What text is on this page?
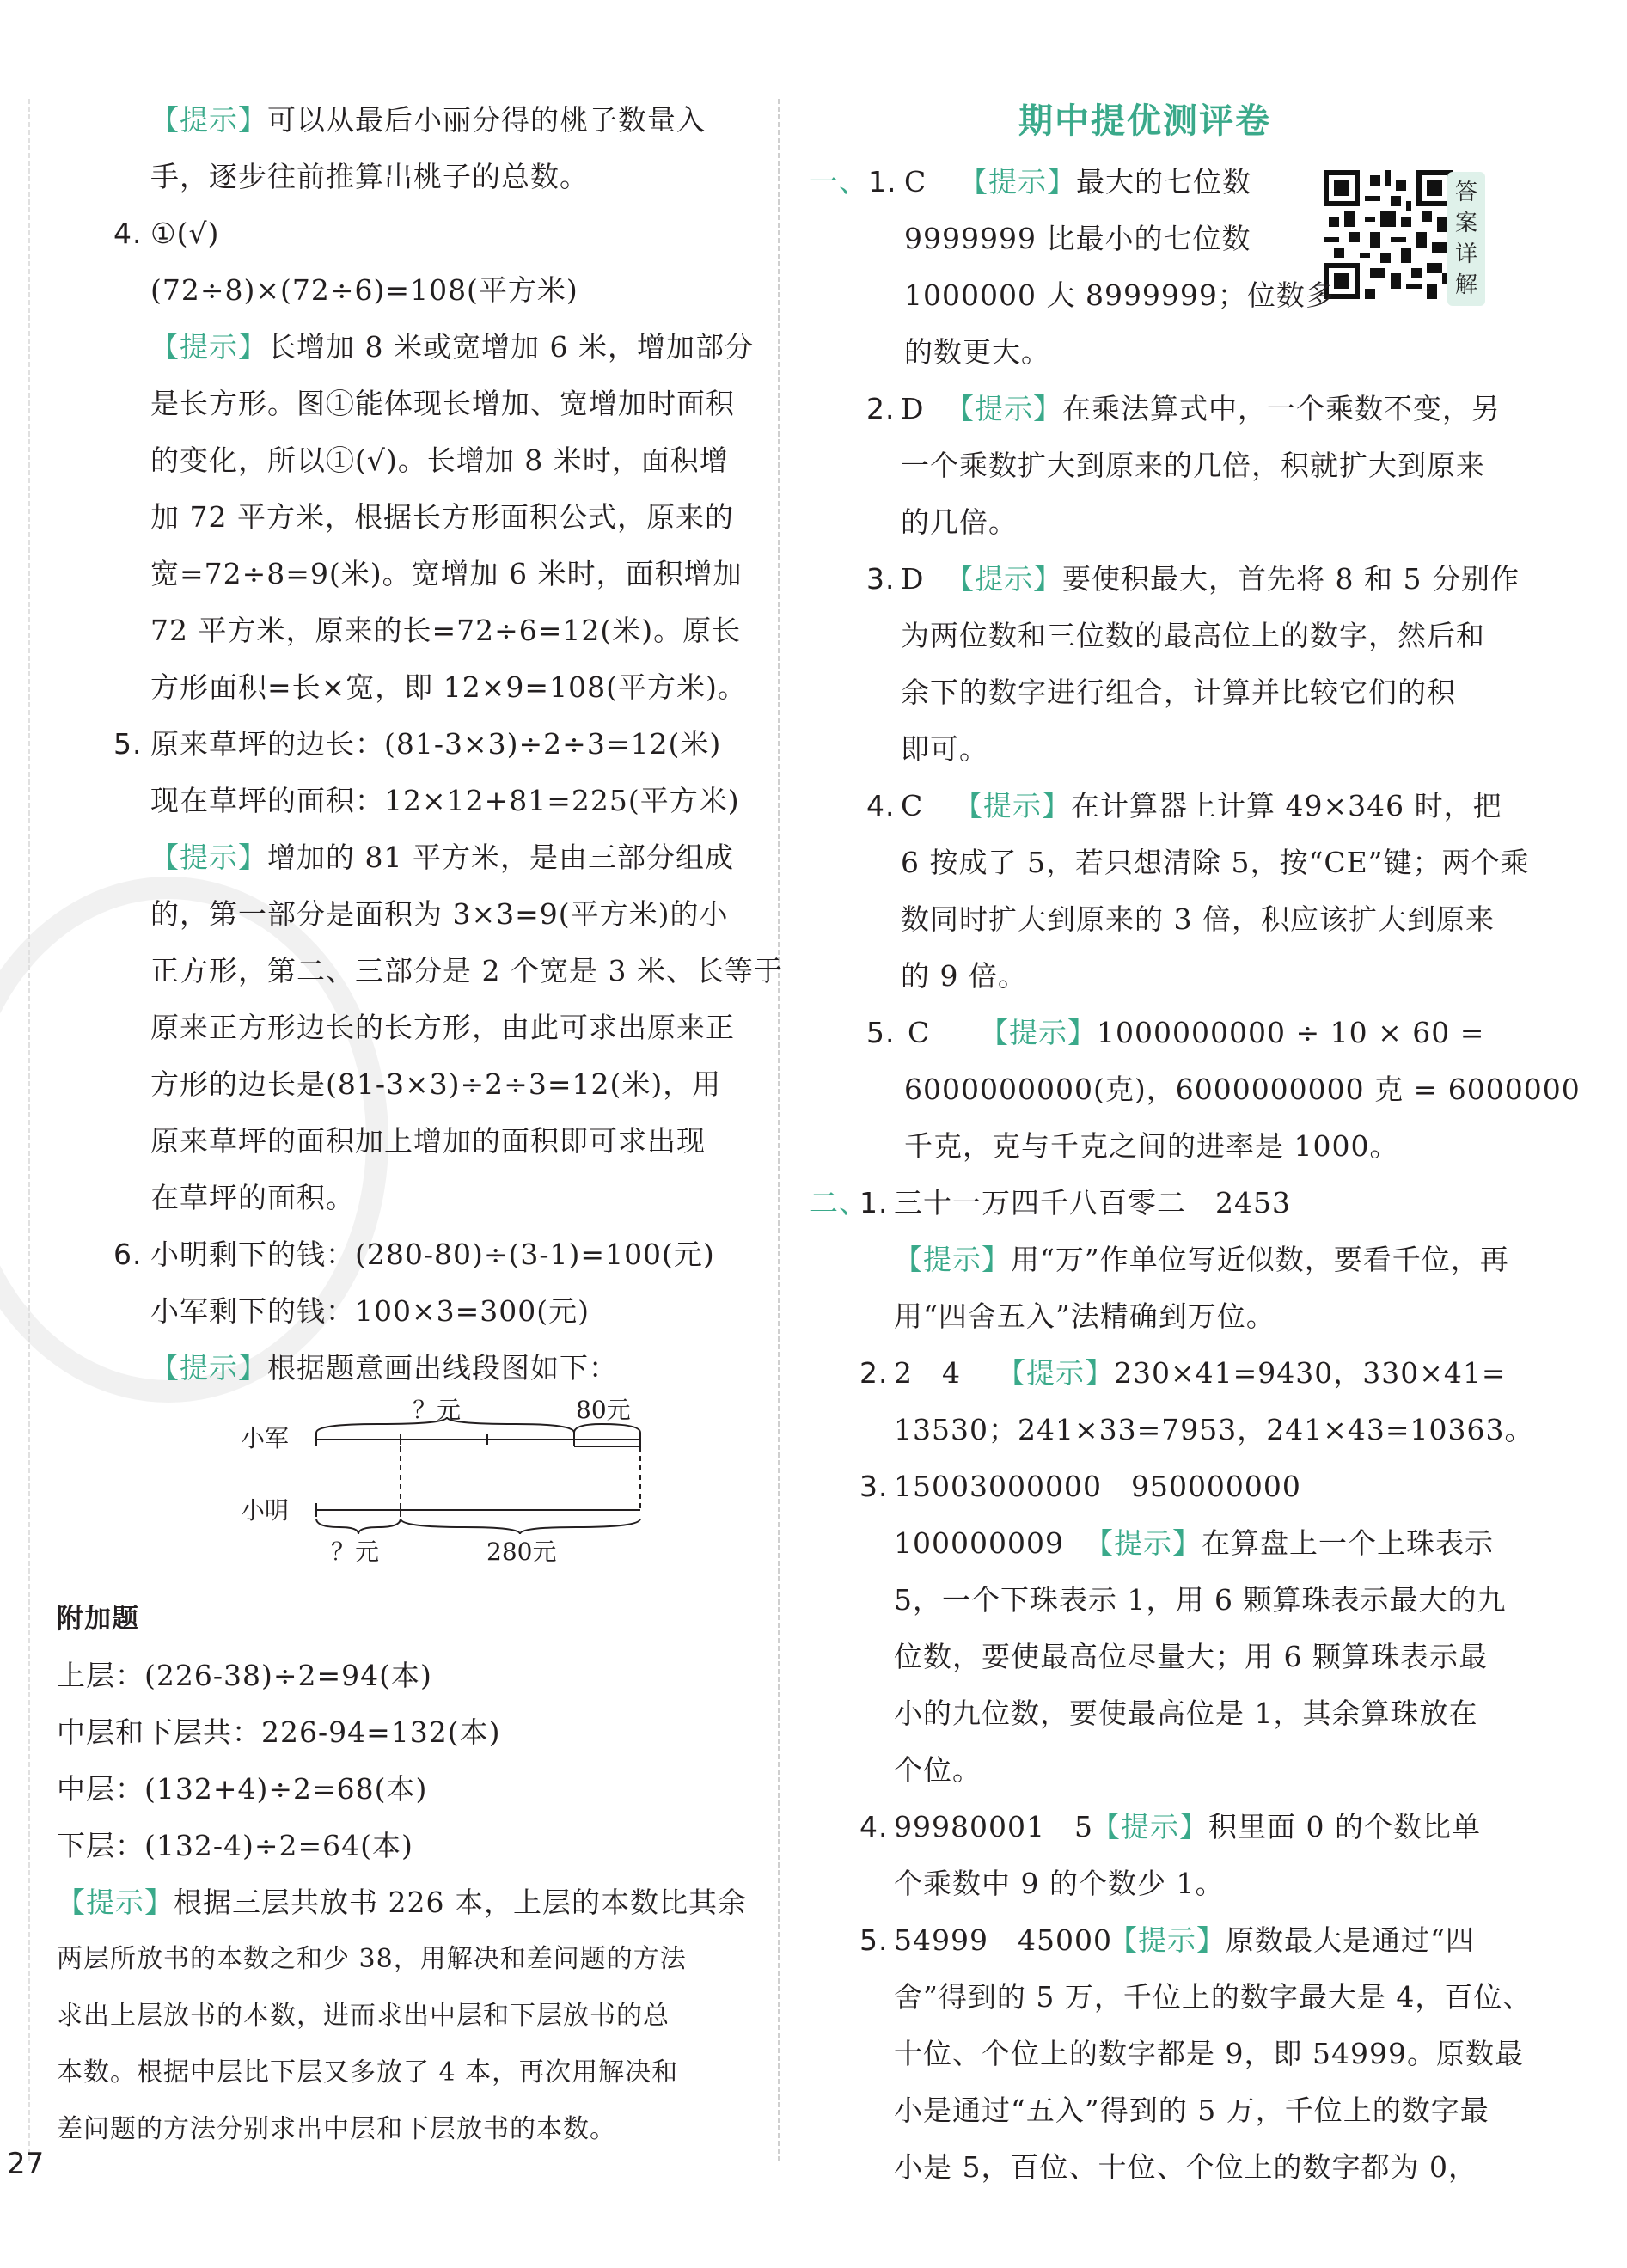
【提示】可以从最后小丽分得的桃子数量入
手，逐步往前推算出桃子的总数。
4. ①(√)
(72÷8)×(72÷6)=108(平方米)
【提示】长增加 8 米或宽增加 6 米，增加部分
是长方形。图①能体现长增加、宽增加时面积
的变化，所以①(√)。长增加 8 米时，面积增
加 72 平方米，根据长方形面积公式，原来的
宽=72÷8=9(米)。宽增加 6 米时，面积增加
72 平方米，原来的长=72÷6=12(米)。原长
方形面积=长×宽，即 12×9=108(平方米)。
5. 原来草坪的边长：(81-3×3)÷2÷3=12(米)
现在草坪的面积：12×12+81=225(平方米)
【提示】增加的 81 平方米，是由三部分组成
的，第一部分是面积为 3×3=9(平方米)的小
正方形，第二、三部分是 2 个宽是 3 米、长等于
原来正方形边长的长方形，由此可求出原来正
方形的边长是(81-3×3)÷2÷3=12(米)，用
原来草坪的面积加上增加的面积即可求出现
在草坪的面积。
6. 小明剩下的钱：(280-80)÷(3-1)=100(元)
小军剩下的钱：100×3=300(元)
【提示】根据题意画出线段图如下：
小军
小明
？元	80元
？元	280元
附加题
上层：(226-38)÷2=94(本)
中层和下层共：226-94=132(本)
中层：(132+4)÷2=68(本)
下层：(132-4)÷2=64(本)
【提示】根据三层共放书 226 本，上层的本数比其余
两层所放书的本数之和少 38，用解决和差问题的方法
求出上层放书的本数，进而求出中层和下层放书的总
本数。根据中层比下层又多放了 4 本，再次用解决和
差问题的方法分别求出中层和下层放书的本数。
27
期中提优测评卷
答
案
详
解
一、 1. C 【提示】最大的七位数
9999999 比最小的七位数
1000000 大 8999999；位数多
的数更大。
2. D 【提示】在乘法算式中，一个乘数不变，另
一个乘数扩大到原来的几倍，积就扩大到原来
的几倍。
3. D 【提示】要使积最大，首先将 8 和 5 分别作
为两位数和三位数的最高位上的数字，然后和
余下的数字进行组合，计算并比较它们的积
即可。
4. C 【提示】在计算器上计算 49×346 时，把
6 按成了 5，若只想清除 5，按“CE”键；两个乘
数同时扩大到原来的 3 倍，积应该扩大到原来
的 9 倍。
5. C 【提示】1000000000 ÷ 10 × 60 =
6000000000(克)，6000000000 克 = 6000000
千克，克与千克之间的进率是 1000。
二、
1. 三十一万四千八百零二　2453
【提示】用“万”作单位写近似数，要看千位，再
用“四舍五入”法精确到万位。
2. 2　4 【提示】230×41=9430，330×41=
13530；241×33=7953，241×43=10363。
3. 15003000000　950000000
100000009 【提示】在算盘上一个上珠表示
5，一个下珠表示 1，用 6 颗算珠表示最大的九
位数，要使最高位尽量大；用 6 颗算珠表示最
小的九位数，要使最高位是 1，其余算珠放在
个位。
4. 99980001　5
【提示】积里面 0 的个数比单
个乘数中 9 的个数少 1。
5. 54999　45000
【提示】原数最大是通过“四
舍”得到的 5 万，千位上的数字最大是 4，百位、
十位、个位上的数字都是 9，即 54999。原数最
小是通过“五入”得到的 5 万，千位上的数字最
小是 5，百位、十位、个位上的数字都为 0，
